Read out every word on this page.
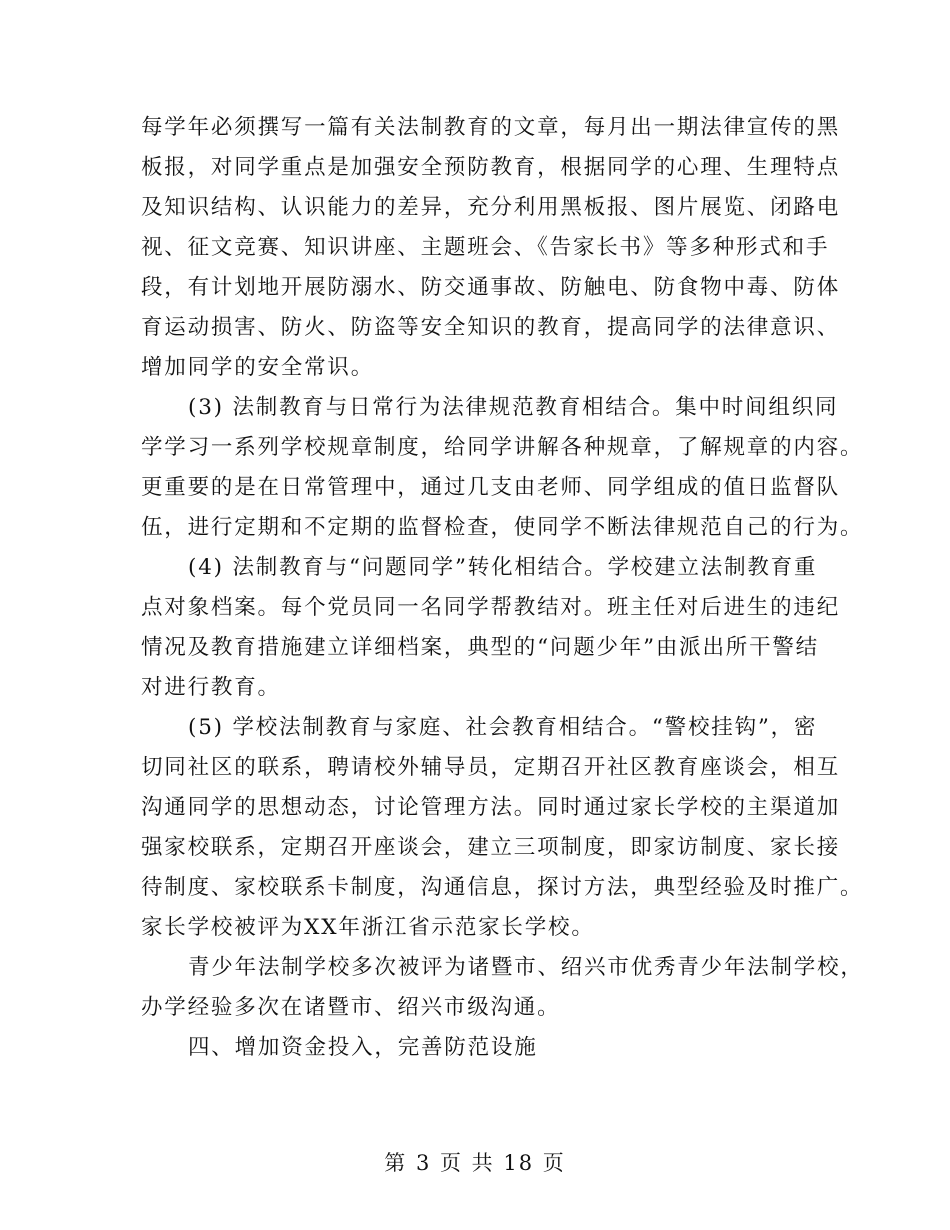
每学年必须撰写一篇有关法制教育的文章，每月出一期法律宣传的黑
板报，对同学重点是加强安全预防教育，根据同学的心理、生理特点
及知识结构、认识能力的差异，充分利用黑板报、图片展览、闭路电
视、征文竞赛、知识讲座、主题班会、《告家长书》等多种形式和手
段，有计划地开展防溺水、防交通事故、防触电、防食物中毒、防体
育运动损害、防火、防盗等安全知识的教育，提高同学的法律意识、
增加同学的安全常识。
(3) 法制教育与日常行为法律规范教育相结合。集中时间组织同
学学习一系列学校规章制度，给同学讲解各种规章，了解规章的内容。
更重要的是在日常管理中，通过几支由老师、同学组成的值日监督队
伍，进行定期和不定期的监督检查，使同学不断法律规范自己的行为。
(4) 法制教育与“问题同学”转化相结合。学校建立法制教育重
点对象档案。每个党员同一名同学帮教结对。班主任对后进生的违纪
情况及教育措施建立详细档案，典型的“问题少年”由派出所干警结
对进行教育。
(5) 学校法制教育与家庭、社会教育相结合。“警校挂钩”，密
切同社区的联系，聘请校外辅导员，定期召开社区教育座谈会，相互
沟通同学的思想动态，讨论管理方法。同时通过家长学校的主渠道加
强家校联系，定期召开座谈会，建立三项制度，即家访制度、家长接
待制度、家校联系卡制度，沟通信息，探讨方法，典型经验及时推广。
家长学校被评为XX年浙江省示范家长学校。
青少年法制学校多次被评为诸暨市、绍兴市优秀青少年法制学校，
办学经验多次在诸暨市、绍兴市级沟通。
四、增加资金投入，完善防范设施
第 3 页 共 18 页
